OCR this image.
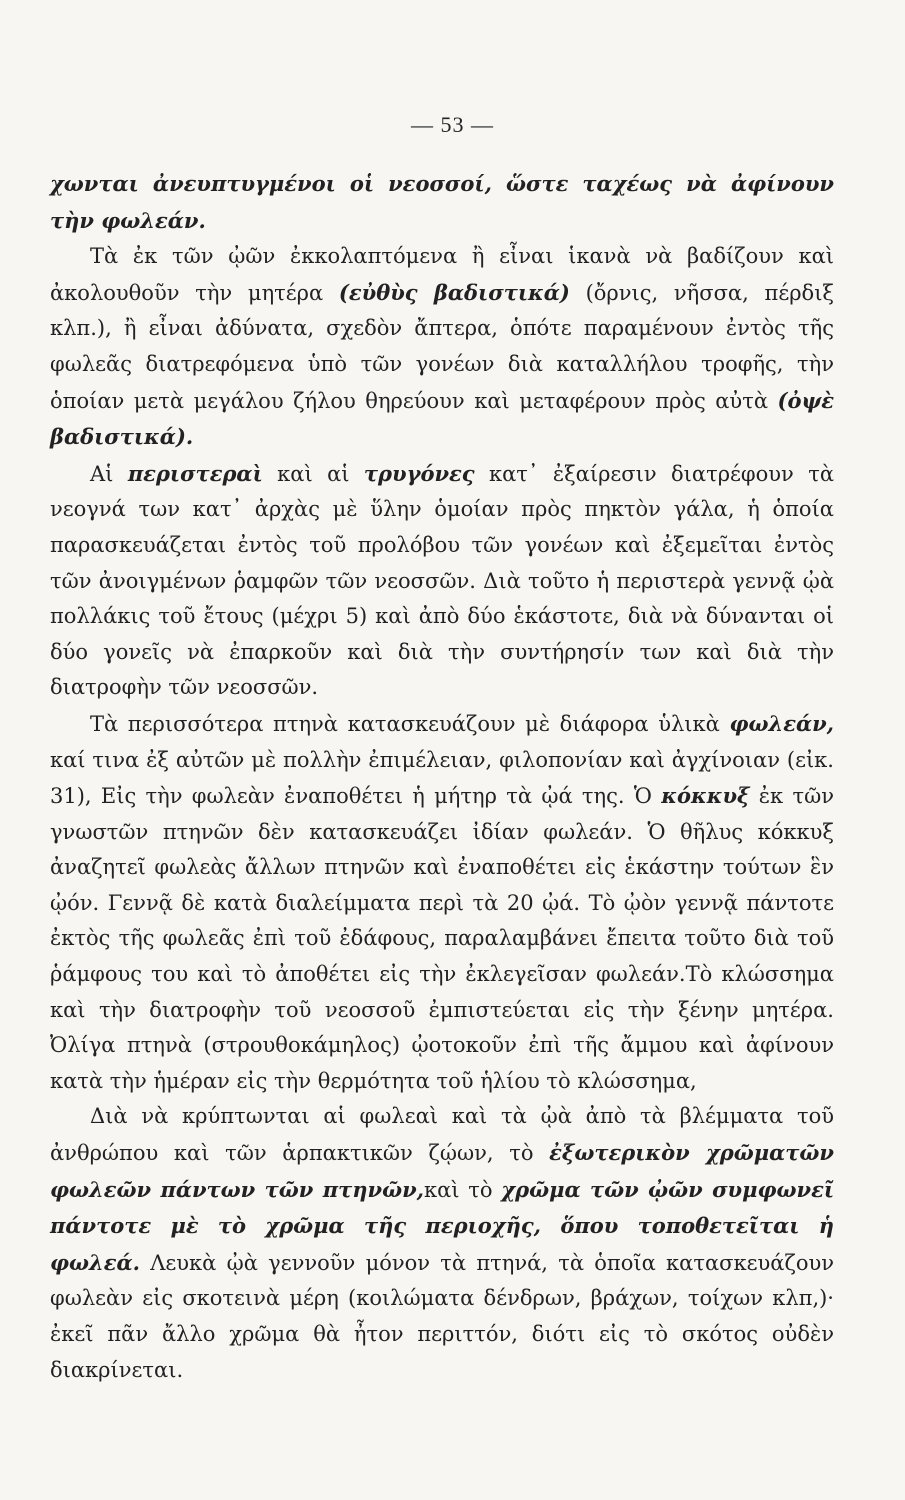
— 53 —

χωνται ἀνευπτυγμένοι οἱ νεοσσοί, ὥστε ταχέως νὰ ἀφίνουν τὴν φωλεάν.

Τὰ ἐκ τῶν ᾠῶν ἐκκολαπτόμενα ἢ εἶναι ἱκανὰ νὰ βαδίζουν καὶ ἀκολουθοῦν τὴν μητέρα (εὐθὺς βαδιστικά) (ὄρνις, νῆσσα, πέρδιξ κλπ.), ἢ εἶναι ἀδύνατα, σχεδὸν ἄπτερα, ὁπότε παραμένουν ἐντὸς τῆς φωλεᾶς διατρεφόμενα ὑπὸ τῶν γονέων διὰ καταλλήλου τροφῆς, τὴν ὁποίαν μετὰ μεγάλου ζήλου θηρεύουν καὶ μεταφέρουν πρὸς αὐτὰ (ὀψὲ βαδιστικά).

Αἱ περιστεραὶ καὶ αἱ τρυγόνες κατ᾽ ἐξαίρεσιν διατρέφουν τὰ νεογνά των κατ᾽ ἀρχὰς μὲ ὕλην ὁμοίαν πρὸς πηκτὸν γάλα, ἡ ὁποία παρασκευάζεται ἐντὸς τοῦ προλόβου τῶν γονέων καὶ ἐξεμεῖται ἐντὸς τῶν ἀνοιγμένων ῥαμφῶν τῶν νεοσσῶν. Διὰ τοῦτο ἡ περιστερὰ γεννᾷ ᾠὰ πολλάκις τοῦ ἔτους (μέχρι 5) καὶ ἀπὸ δύο ἑκάστοτε, διὰ νὰ δύνανται οἱ δύο γονεῖς νὰ ἐπαρκοῦν καὶ διὰ τὴν συντήρησίν των καὶ διὰ τὴν διατροφὴν τῶν νεοσσῶν.

Τὰ περισσότερα πτηνὰ κατασκευάζουν μὲ διάφορα ὑλικὰ φωλεάν, καί τινα ἐξ αὐτῶν μὲ πολλὴν ἐπιμέλειαν, φιλοπονίαν καὶ ἀγχίνοιαν (εἰκ. 31), Εἰς τὴν φωλεὰν ἐναποθέτει ἡ μήτηρ τὰ ᾠά της. Ὁ κόκκυξ ἐκ τῶν γνωστῶν πτηνῶν δὲν κατασκευάζει ἰδίαν φωλεάν. Ὁ θῆλυς κόκκυξ ἀναζητεῖ φωλεὰς ἄλλων πτηνῶν καὶ ἐναποθέτει εἰς ἑκάστην τούτων ἓν ᾠόν. Γεννᾷ δὲ κατὰ διαλείμματα περὶ τὰ 20 ᾠά. Τὸ ᾠὸν γεννᾷ πάντοτε ἐκτὸς τῆς φωλεᾶς ἐπὶ τοῦ ἐδάφους, παραλαμβάνει ἔπειτα τοῦτο διὰ τοῦ ῥάμφους του καὶ τὸ ἀποθέτει εἰς τὴν ἐκλεγεῖσαν φωλεάν.Τὸ κλώσσημα καὶ τὴν διατροφὴν τοῦ νεοσσοῦ ἐμπιστεύεται εἰς τὴν ξένην μητέρα. Ὀλίγα πτηνὰ (στρουθοκάμηλος) ᾠοτοκοῦν ἐπὶ τῆς ἄμμου καὶ ἀφίνουν κατὰ τὴν ἡμέραν εἰς τὴν θερμότητα τοῦ ἡλίου τὸ κλώσσημα,

Διὰ νὰ κρύπτωνται αἱ φωλεαὶ καὶ τὰ ᾠὰ ἀπὸ τὰ βλέμματα τοῦ ἀνθρώπου καὶ τῶν ἁρπακτικῶν ζῴων, τὸ ἐξωτερικὸν χρῶματῶν φωλεῶν πάντων τῶν πτηνῶν,καὶ τὸ χρῶμα τῶν ᾠῶν συμφωνεῖ πάντοτε μὲ τὸ χρῶμα τῆς περιοχῆς, ὅπου τοποθετεῖται ἡ φωλεά. Λευκὰ ᾠὰ γεννοῦν μόνον τὰ πτηνά, τὰ ὁποῖα κατασκευάζουν φωλεὰν εἰς σκοτεινὰ μέρη (κοιλώματα δένδρων, βράχων, τοίχων κλπ,)· ἐκεῖ πᾶν ἄλλο χρῶμα θὰ ἦτον περιττόν, διότι εἰς τὸ σκότος οὐδὲν διακρίνεται.
